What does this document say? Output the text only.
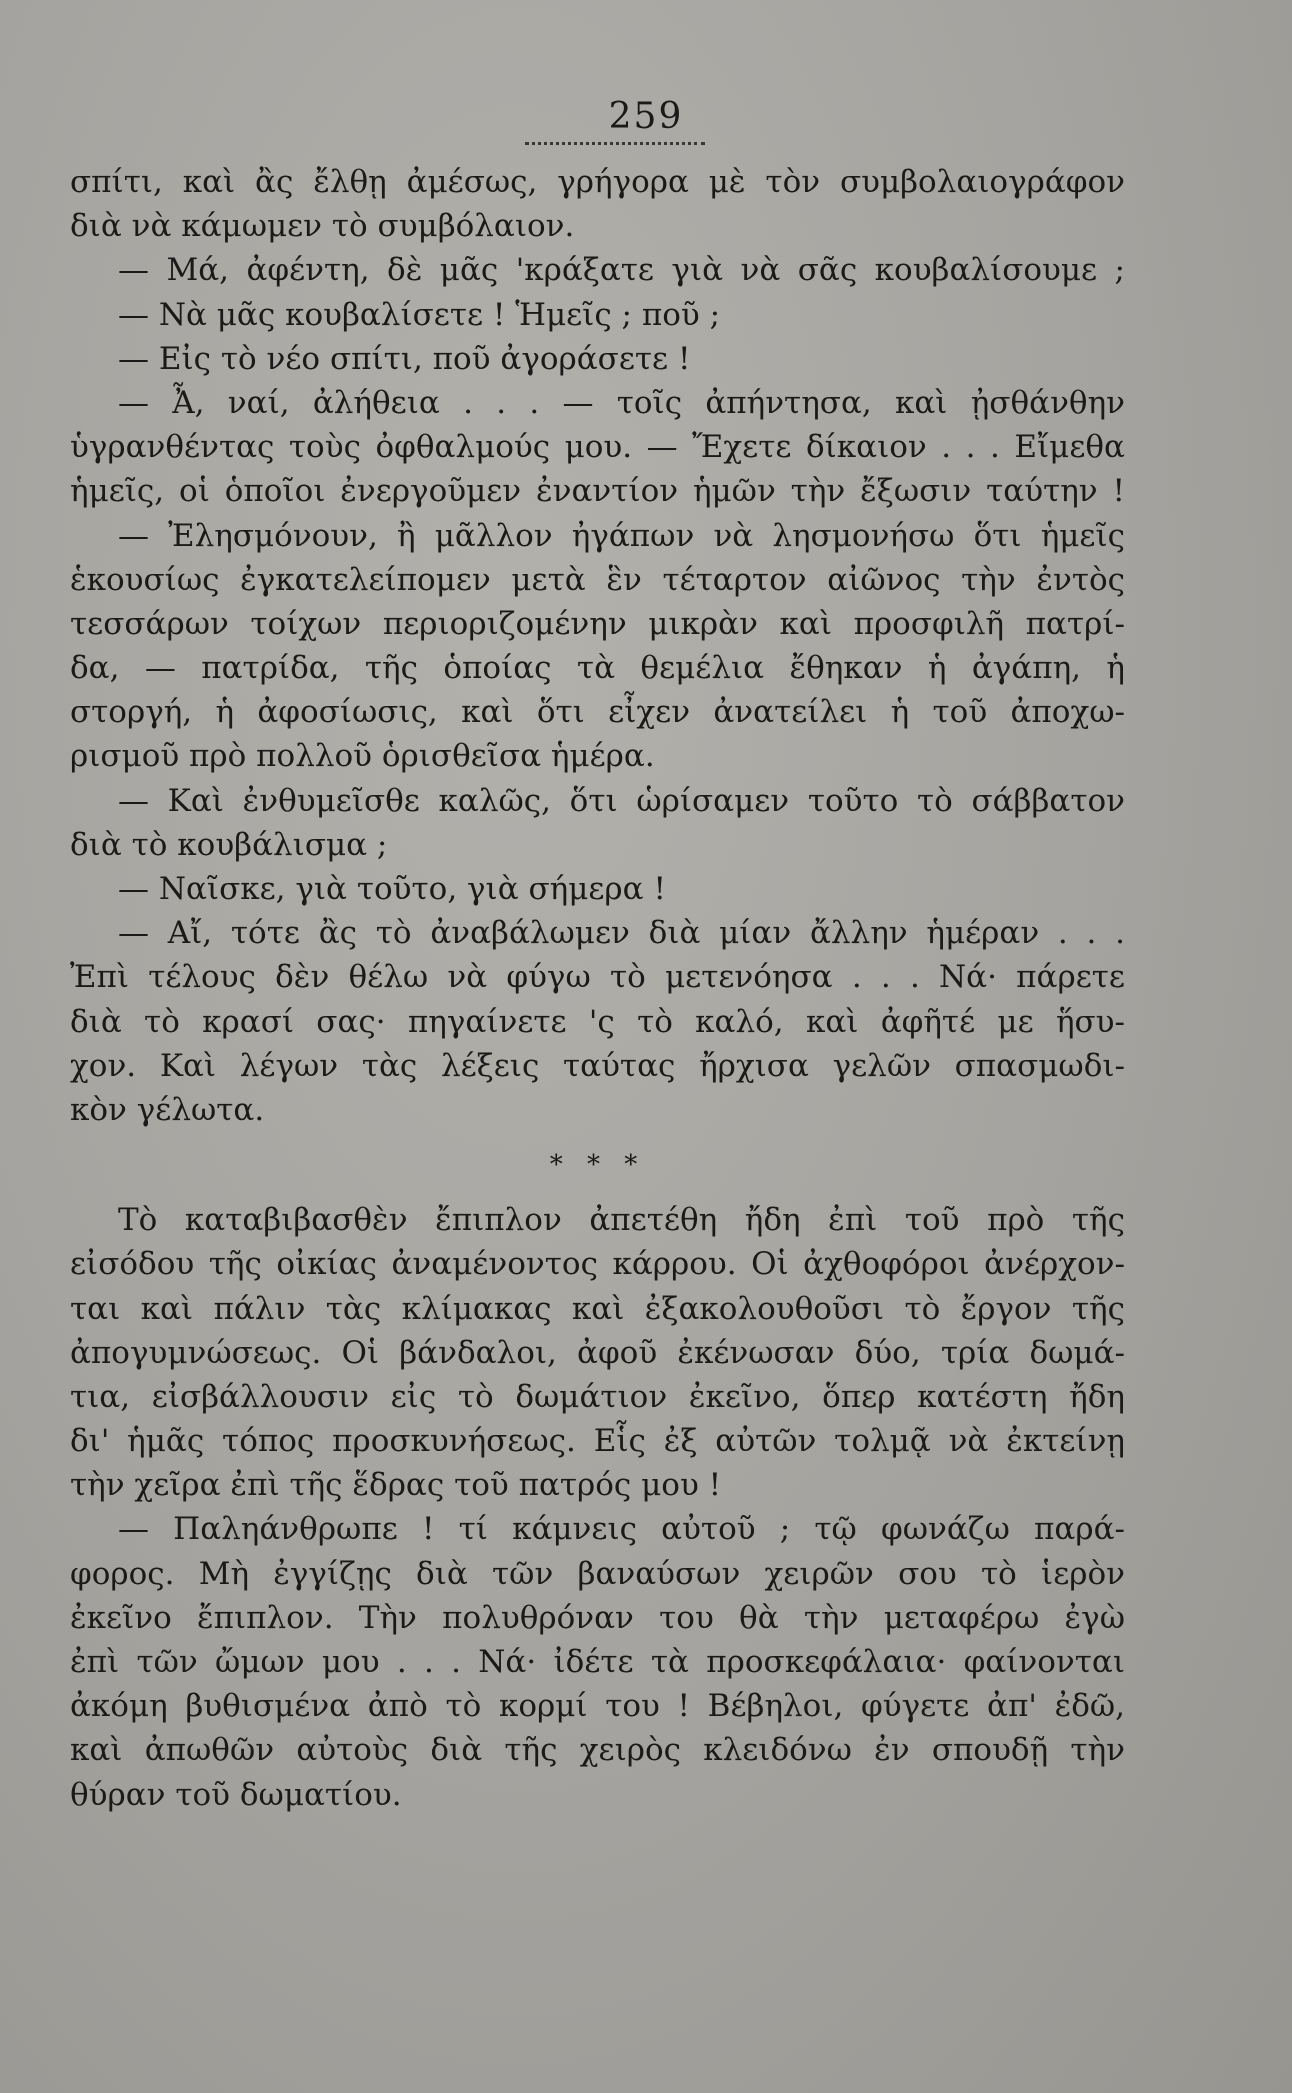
259
σπίτι, καὶ ἂς ἔλθῃ ἀμέσως, γρήγορα μὲ τὸν συμβολαιογράφον
διὰ νὰ κάμωμεν τὸ συμβόλαιον.
— Μά, ἀφέντη, δὲ μᾶς 'κράξατε γιὰ νὰ σᾶς κουβαλίσουμε ;
— Νὰ μᾶς κουβαλίσετε ! Ἡμεῖς ; ποῦ ;
— Εἰς τὸ νέο σπίτι, ποῦ ἀγοράσετε !
— Ἆ, ναί, ἀλήθεια . . . — τοῖς ἀπήντησα, καὶ ᾐσθάνθην
ὑγρανθέντας τοὺς ὀφθαλμούς μου. — Ἔχετε δίκαιον . . . Εἴμεθα
ἡμεῖς, οἱ ὁποῖοι ἐνεργοῦμεν ἐναντίον ἡμῶν τὴν ἔξωσιν ταύτην !
— Ἐλησμόνουν, ἢ μᾶλλον ἠγάπων νὰ λησμονήσω ὅτι ἡμεῖς
ἑκουσίως ἐγκατελείπομεν μετὰ ἓν τέταρτον αἰῶνος τὴν ἐντὸς
τεσσάρων τοίχων περιοριζομένην μικρὰν καὶ προσφιλῆ πατρί-
δα, — πατρίδα, τῆς ὁποίας τὰ θεμέλια ἔθηκαν ἡ ἀγάπη, ἡ
στοργή, ἡ ἀφοσίωσις, καὶ ὅτι εἶχεν ἀνατείλει ἡ τοῦ ἀποχω-
ρισμοῦ πρὸ πολλοῦ ὁρισθεῖσα ἡμέρα.
— Καὶ ἐνθυμεῖσθε καλῶς, ὅτι ὡρίσαμεν τοῦτο τὸ σάββατον
διὰ τὸ κουβάλισμα ;
— Ναῖσκε, γιὰ τοῦτο, γιὰ σήμερα !
— Αἴ, τότε ἂς τὸ ἀναβάλωμεν διὰ μίαν ἄλλην ἡμέραν . . .
Ἐπὶ τέλους δὲν θέλω νὰ φύγω τὸ μετενόησα . . . Νά· πάρετε
διὰ τὸ κρασί σας· πηγαίνετε 'ς τὸ καλό, καὶ ἀφῆτέ με ἥσυ-
χον. Καὶ λέγων τὰς λέξεις ταύτας ἤρχισα γελῶν σπασμωδι-
κὸν γέλωτα.
* * *
Τὸ καταβιβασθὲν ἔπιπλον ἀπετέθη ἤδη ἐπὶ τοῦ πρὸ τῆς
εἰσόδου τῆς οἰκίας ἀναμένοντος κάρρου. Οἱ ἀχθοφόροι ἀνέρχον-
ται καὶ πάλιν τὰς κλίμακας καὶ ἐξακολουθοῦσι τὸ ἔργον τῆς
ἀπογυμνώσεως. Οἱ βάνδαλοι, ἀφοῦ ἐκένωσαν δύο, τρία δωμά-
τια, εἰσβάλλουσιν εἰς τὸ δωμάτιον ἐκεῖνο, ὅπερ κατέστη ἤδη
δι' ἡμᾶς τόπος προσκυνήσεως. Εἷς ἐξ αὐτῶν τολμᾷ νὰ ἐκτείνῃ
τὴν χεῖρα ἐπὶ τῆς ἕδρας τοῦ πατρός μου !
— Παληάνθρωπε ! τί κάμνεις αὐτοῦ ; τῷ φωνάζω παρά-
φορος. Μὴ ἐγγίζῃς διὰ τῶν βαναύσων χειρῶν σου τὸ ἱερὸν
ἐκεῖνο ἔπιπλον. Τὴν πολυθρόναν του θὰ τὴν μεταφέρω ἐγὼ
ἐπὶ τῶν ὤμων μου . . . Νά· ἰδέτε τὰ προσκεφάλαια· φαίνονται
ἀκόμη βυθισμένα ἀπὸ τὸ κορμί του ! Βέβηλοι, φύγετε ἀπ' ἐδῶ,
καὶ ἀπωθῶν αὐτοὺς διὰ τῆς χειρὸς κλειδόνω ἐν σπουδῇ τὴν
θύραν τοῦ δωματίου.
